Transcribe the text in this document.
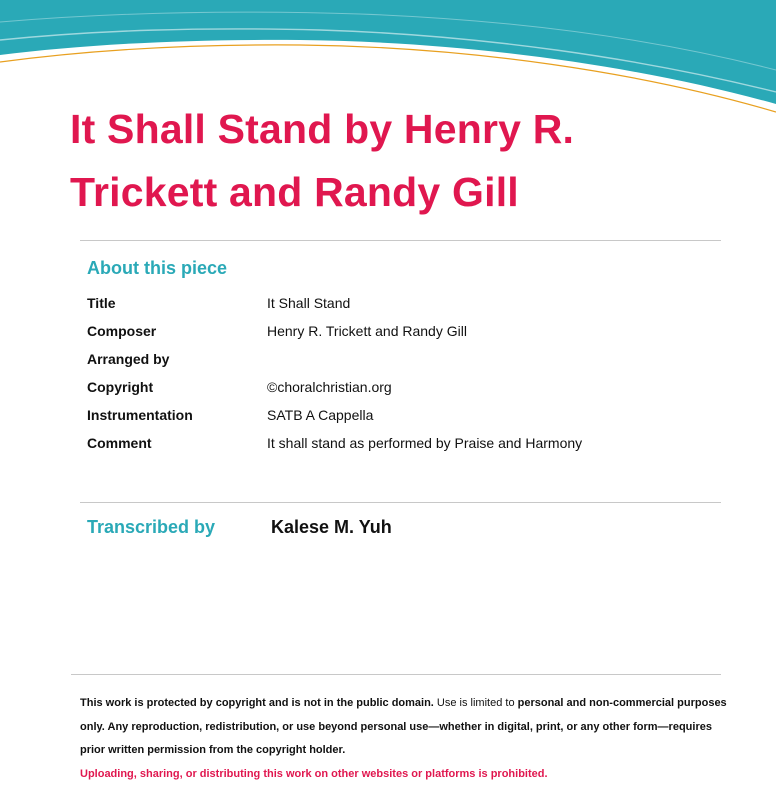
It Shall Stand by Henry R. Trickett and Randy Gill
About this piece
Title	It Shall Stand
Composer	Henry R. Trickett and Randy Gill
Arranged by	
Copyright	©choralchristian.org
Instrumentation	SATB A Cappella
Comment	It shall stand as performed by Praise and Harmony
Transcribed by	Kalese M. Yuh
This work is protected by copyright and is not in the public domain. Use is limited to personal and non-commercial purposes only. Any reproduction, redistribution, or use beyond personal use—whether in digital, print, or any other form—requires prior written permission from the copyright holder.
Uploading, sharing, or distributing this work on other websites or platforms is prohibited.
